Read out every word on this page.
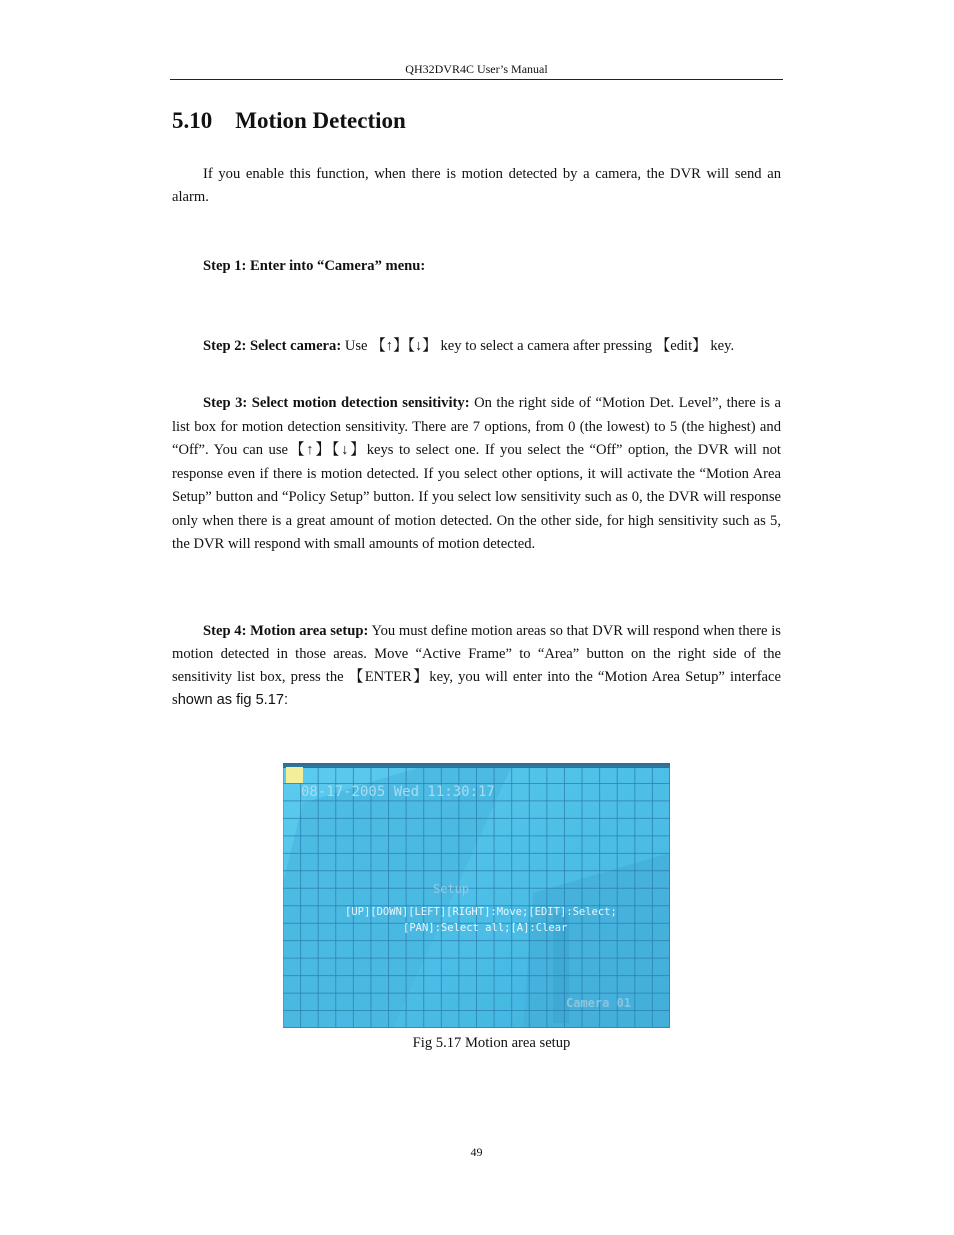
QH32DVR4C User’s Manual
5.10    Motion Detection

If you enable this function, when there is motion detected by a camera, the DVR will send an alarm.

Step 1: Enter into “Camera” menu:

Step 2: Select camera: Use 【↑】【↓】 key to select a camera after pressing 【edit】 key.

Step 3: Select motion detection sensitivity: On the right side of “Motion Det. Level”, there is a list box for motion detection sensitivity. There are 7 options, from 0 (the lowest) to 5 (the highest) and “Off”. You can use【↑】【↓】keys to select one. If you select the “Off” option, the DVR will not response even if there is motion detected. If you select other options, it will activate the “Motion Area Setup” button and “Policy Setup” button. If you select low sensitivity such as 0, the DVR will response only when there is a great amount of motion detected. On the other side, for high sensitivity such as 5, the DVR will respond with small amounts of motion detected.

Step 4: Motion area setup: You must define motion areas so that DVR will respond when there is motion detected in those areas. Move “Active Frame” to “Area” button on the right side of the sensitivity list box, press the 【ENTER】key, you will enter into the “Motion Area Setup” interface shown as fig 5.17:

08-17-2005 Wed 11:30:17
Setup
[UP][DOWN][LEFT][RIGHT]:Move;[EDIT]:Select;
[PAN]:Select all;[A]:Clear
Camera 01
Fig 5.17 Motion area setup
49
